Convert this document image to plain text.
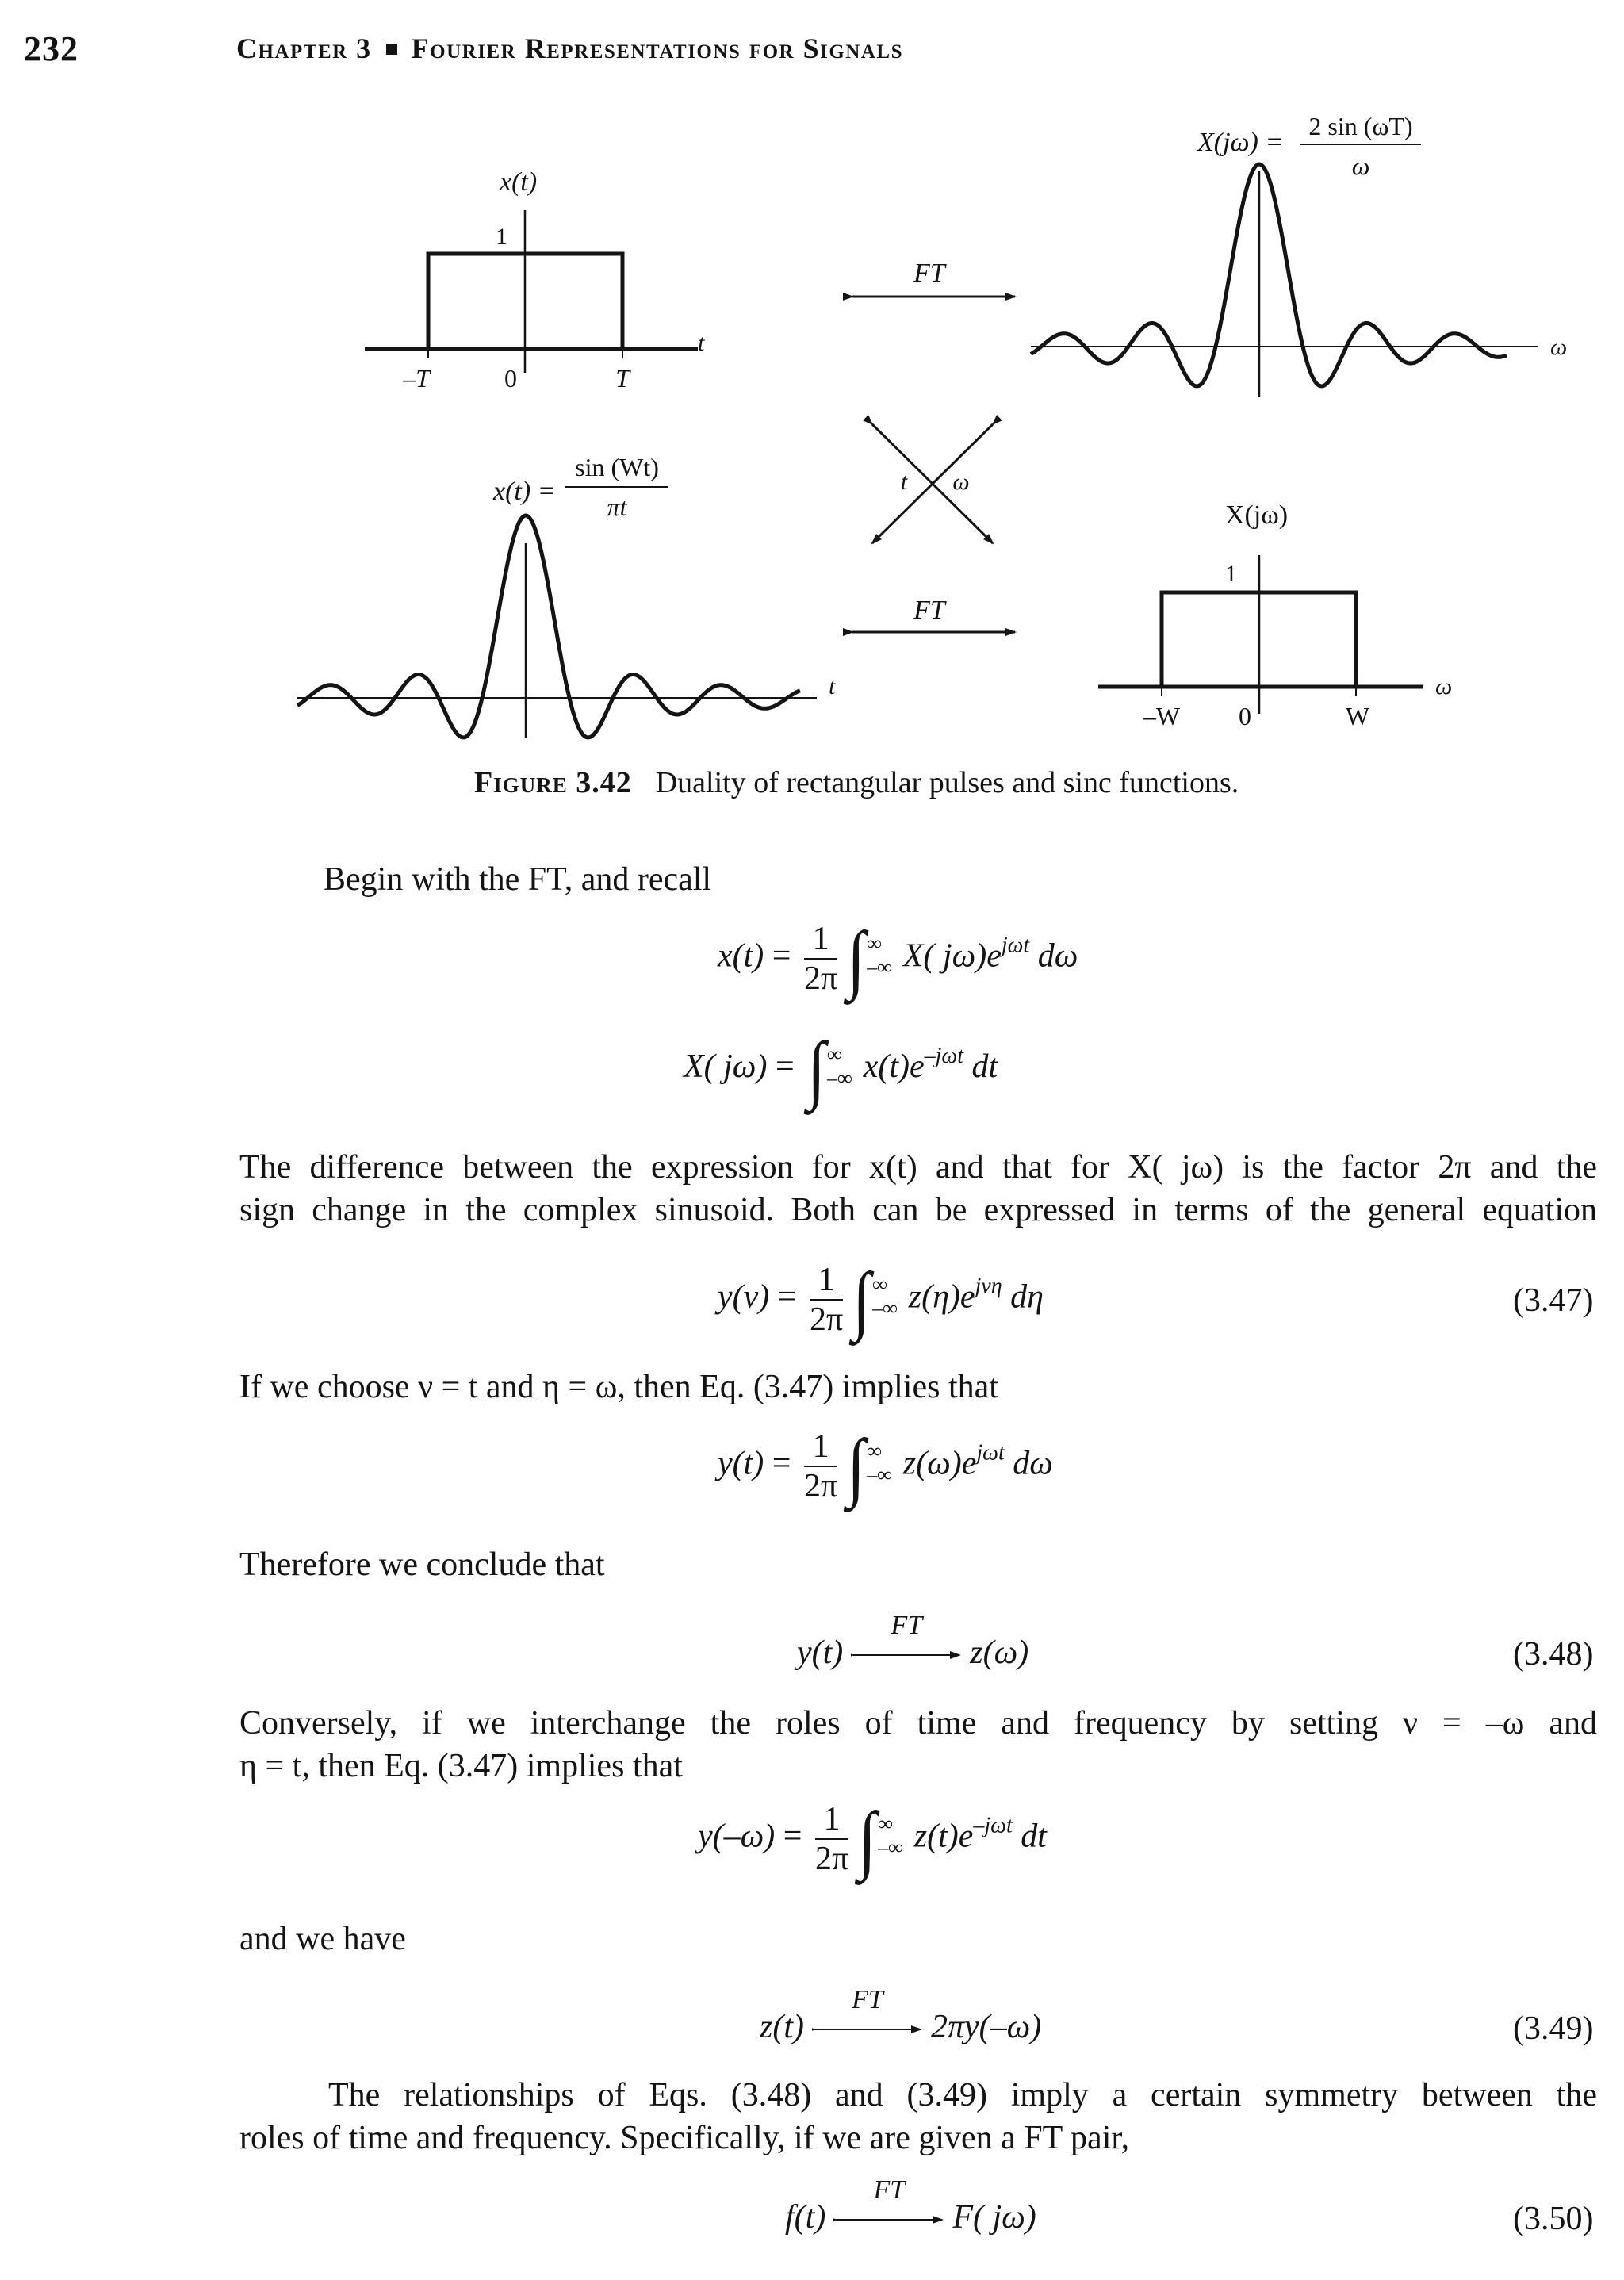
232	Chapter 3 Fourier Representations for Signals
x(t)
1
–T	0	T
t
X(jω) =
2 sin (ωT)
ω
ω
FT
t ω
FT
x(t) =
sin (Wt)
πt
t
X(jω)
1
–W 0	W
ω
Figure 3.42 Duality of rectangular pulses and sinc functions.
Begin with the FT, and recall
$x(t) = \frac{1}{2\pi}$ ∫ ∞
–∞ X( $j\omega)e^{j\omega t}$ dω
X( jω) = ∫ ∞
–∞ $x(t)e^{-j\omega t}$ dt
The difference between the expression for x(t) and that for X( jω) is the factor 2π and the
sign change in the complex sinusoid. Both can be expressed in terms of the general equation
$y(\nu) = \frac{1}{2\pi}$ ∫ ∞
–∞ $z(\eta)e^{j\nu\eta}$ dη	(3.47)
If we choose ν = t and η = ω, then Eq. (3.47) implies that
$y(t) = \frac{1}{2\pi}$ ∫ ∞
–∞ $z(\omega)e^{j\omega t}$ dω
Therefore we conclude that
y(t)
FT
z(ω)	(3.48)
Conversely, if we interchange the roles of time and frequency by setting ν = –ω and
η = t, then Eq. (3.47) implies that
$y(-\omega) = \frac{1}{2\pi}$ ∫ ∞
–∞ $z(t)e^{-j\omega t}$ dt
and we have
z(t)
FT
2πy(–ω)	(3.49)
The relationships of Eqs. (3.48) and (3.49) imply a certain symmetry between the
roles of time and frequency. Specifically, if we are given a FT pair,
f(t)
FT
F( jω)	(3.50)
